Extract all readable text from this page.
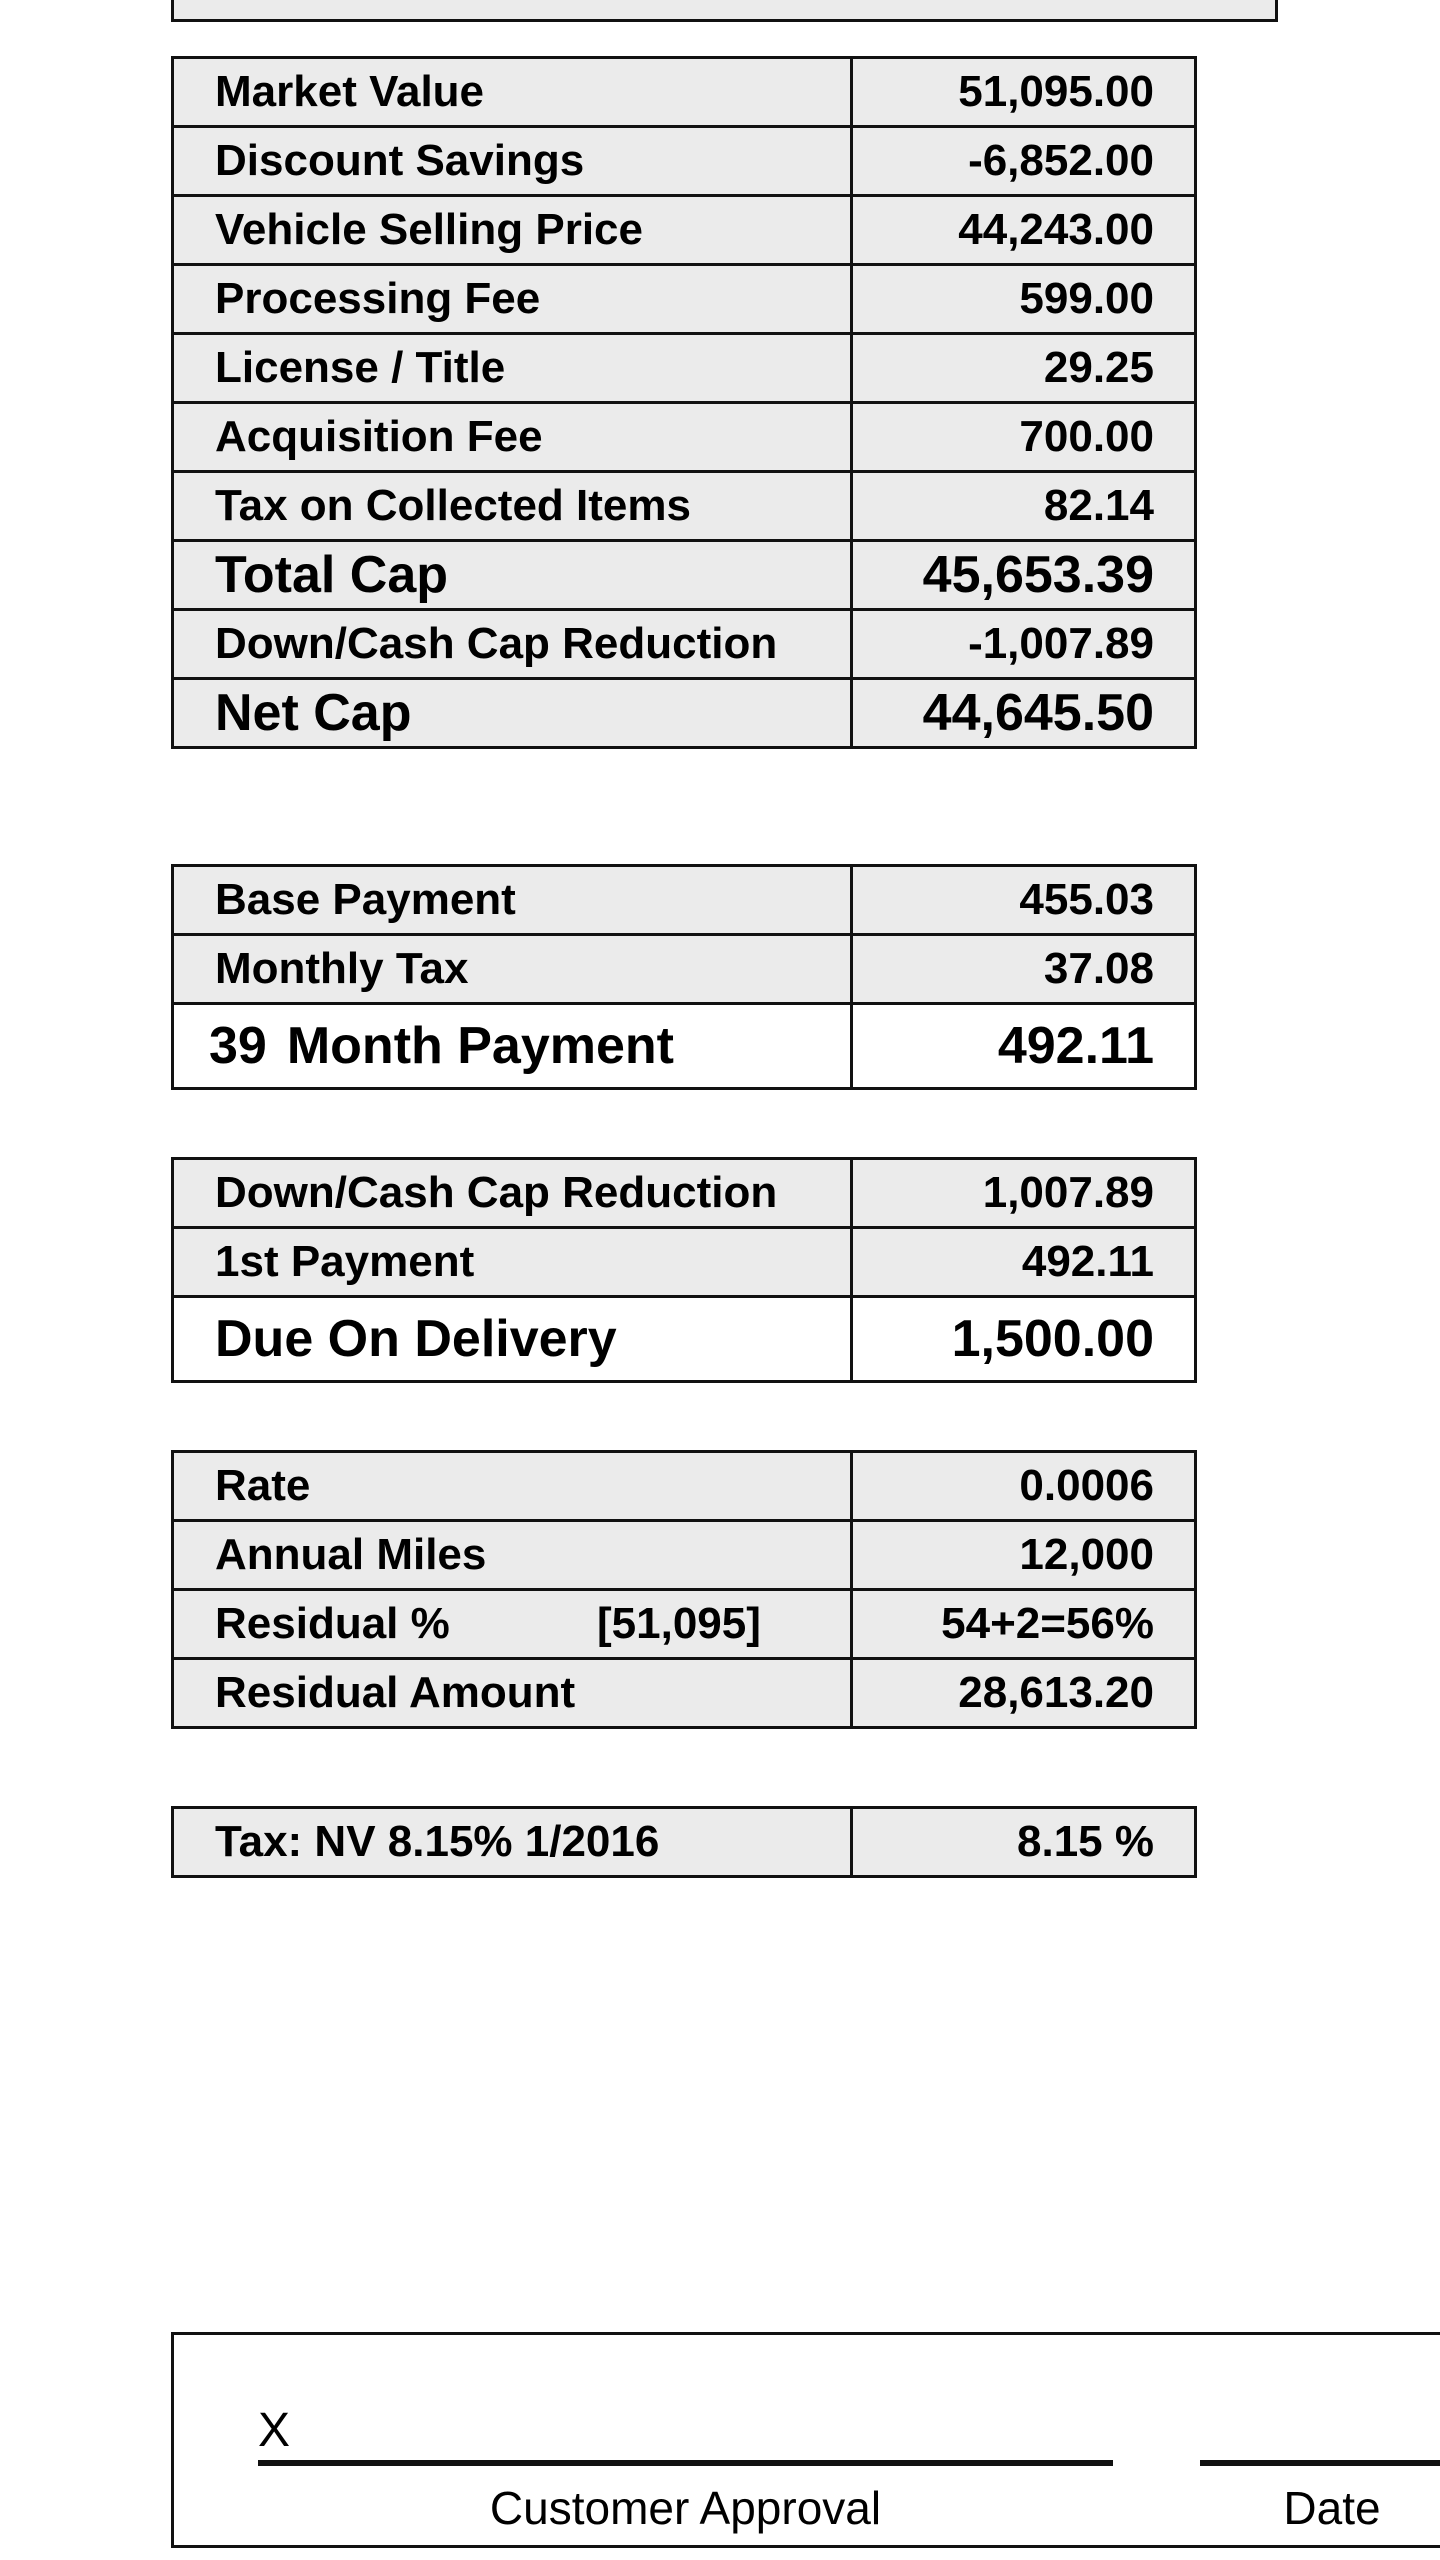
Market Value	51,095.00
Discount Savings	-6,852.00
Vehicle Selling Price	44,243.00
Processing Fee	599.00
License / Title	29.25
Acquisition Fee	700.00
Tax on Collected Items	82.14
Total Cap	45,653.39
Down/Cash Cap Reduction	-1,007.89
Net Cap	44,645.50
Base Payment	455.03
Monthly Tax	37.08
39 Month Payment	492.11
Down/Cash Cap Reduction	1,007.89
1st Payment	492.11
Due On Delivery	1,500.00
Rate	0.0006
Annual Miles	12,000
Residual % [51,095]	54+2=56%
Residual Amount	28,613.20
Tax: NV 8.15% 1/2016	8.15 %
X
Customer Approval	Date
